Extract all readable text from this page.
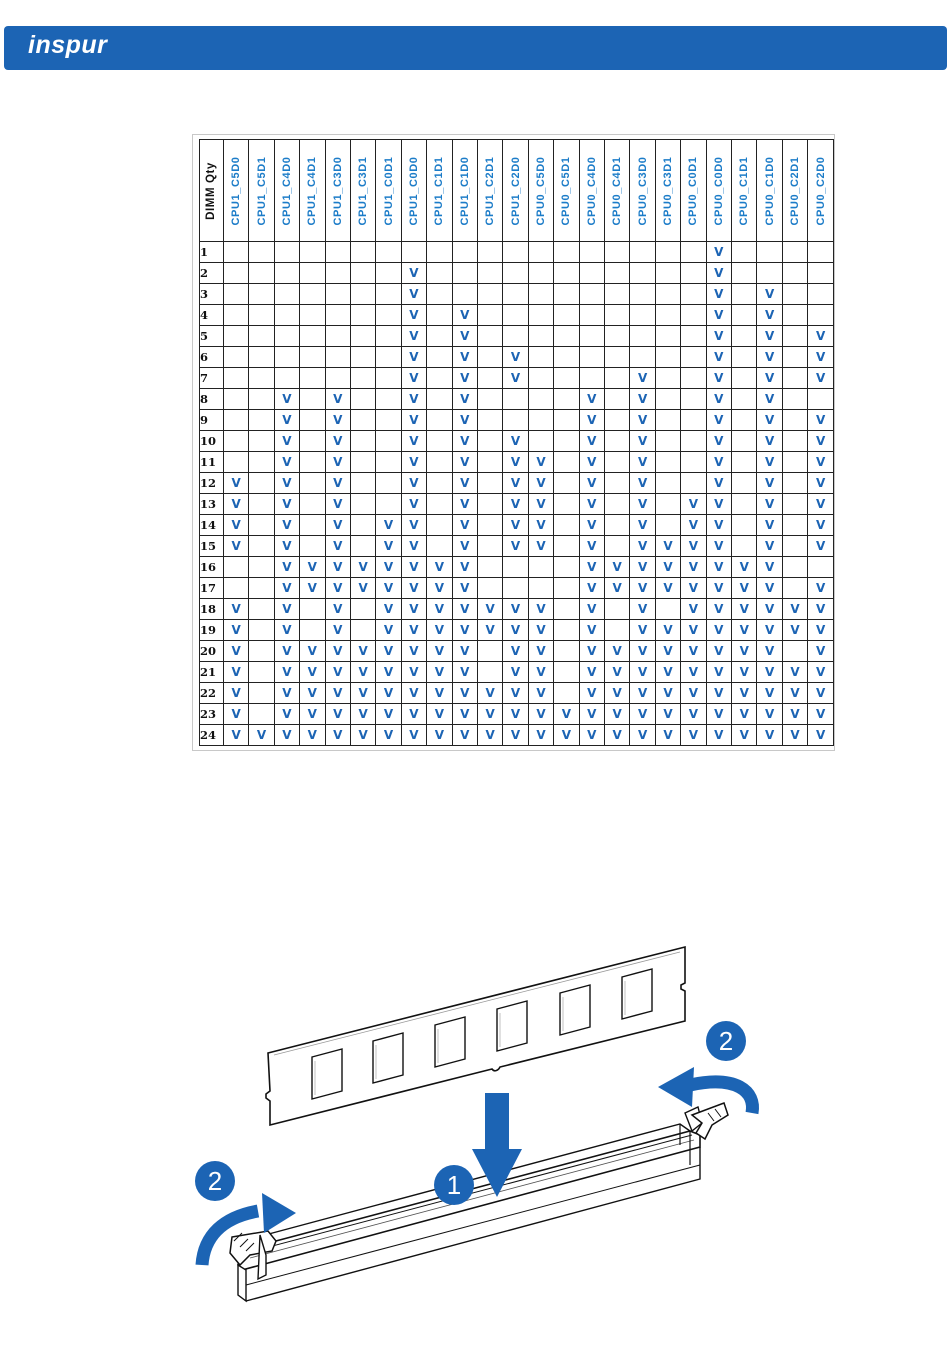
inspur
DIMM Qty	CPU1_C5D0	CPU1_C5D1	CPU1_C4D0	CPU1_C4D1	CPU1_C3D0	CPU1_C3D1	CPU1_C0D1	CPU1_C0D0	CPU1_C1D1	CPU1_C1D0	CPU1_C2D1	CPU1_C2D0	CPU0_C5D0	CPU0_C5D1	CPU0_C4D0	CPU0_C4D1	CPU0_C3D0	CPU0_C3D1	CPU0_C0D1	CPU0_C0D0	CPU0_C1D1	CPU0_C1D0	CPU0_C2D1	CPU0_C2D0

1																				V				
2								V												V				
3								V												V		V		
4								V		V										V		V		
5								V		V										V		V		V
6								V		V		V								V		V		V
7								V		V		V					V			V		V		V
8			V		V			V		V					V		V			V		V		
9			V		V			V		V					V		V			V		V		V
10			V		V			V		V		V			V		V			V		V		V
11			V		V			V		V		V	V		V		V			V		V		V
12	V		V		V			V		V		V	V		V		V			V		V		V
13	V		V		V			V		V		V	V		V		V		V	V		V		V
14	V		V		V		V	V		V		V	V		V		V		V	V		V		V
15	V		V		V		V	V		V		V	V		V		V	V	V	V		V		V
16			V	V	V	V	V	V	V	V					V	V	V	V	V	V	V	V		
17			V	V	V	V	V	V	V	V					V	V	V	V	V	V	V	V		V
18	V		V		V		V	V	V	V	V	V	V		V		V		V	V	V	V	V	V
19	V		V		V		V	V	V	V	V	V	V		V		V	V	V	V	V	V	V	V
20	V		V	V	V	V	V	V	V	V		V	V		V	V	V	V	V	V	V	V		V
21	V		V	V	V	V	V	V	V	V		V	V		V	V	V	V	V	V	V	V	V	V
22	V		V	V	V	V	V	V	V	V	V	V	V		V	V	V	V	V	V	V	V	V	V
23	V		V	V	V	V	V	V	V	V	V	V	V	V	V	V	V	V	V	V	V	V	V	V
24	V	V	V	V	V	V	V	V	V	V	V	V	V	V	V	V	V	V	V	V	V	V	V	V
1
2
2
